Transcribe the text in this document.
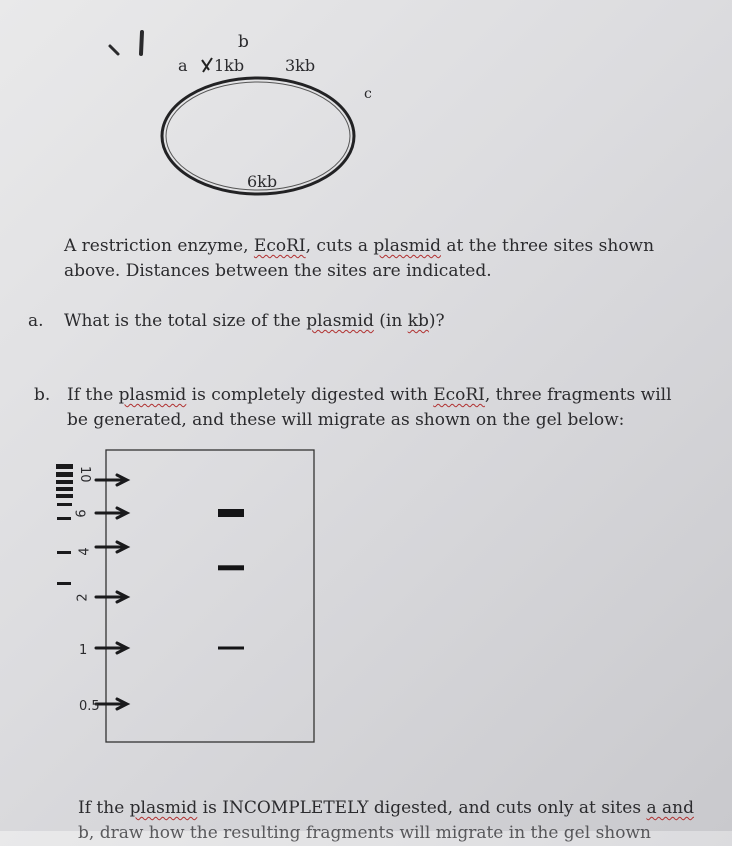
a 1kb
b
3kb
c
6kb
A restriction enzyme, EcoRI, cuts a plasmid at the three sites shown
above. Distances between the sites are indicated.
a. What is the total size of the plasmid (in kb)?
b. If the plasmid is completely digested with EcoRI, three fragments will
be generated, and these will migrate as shown on the gel below:
10
6
4
2
1
0.5
If the plasmid is INCOMPLETELY digested, and cuts only at sites a and
b, draw how the resulting fragments will migrate in the gel shown
